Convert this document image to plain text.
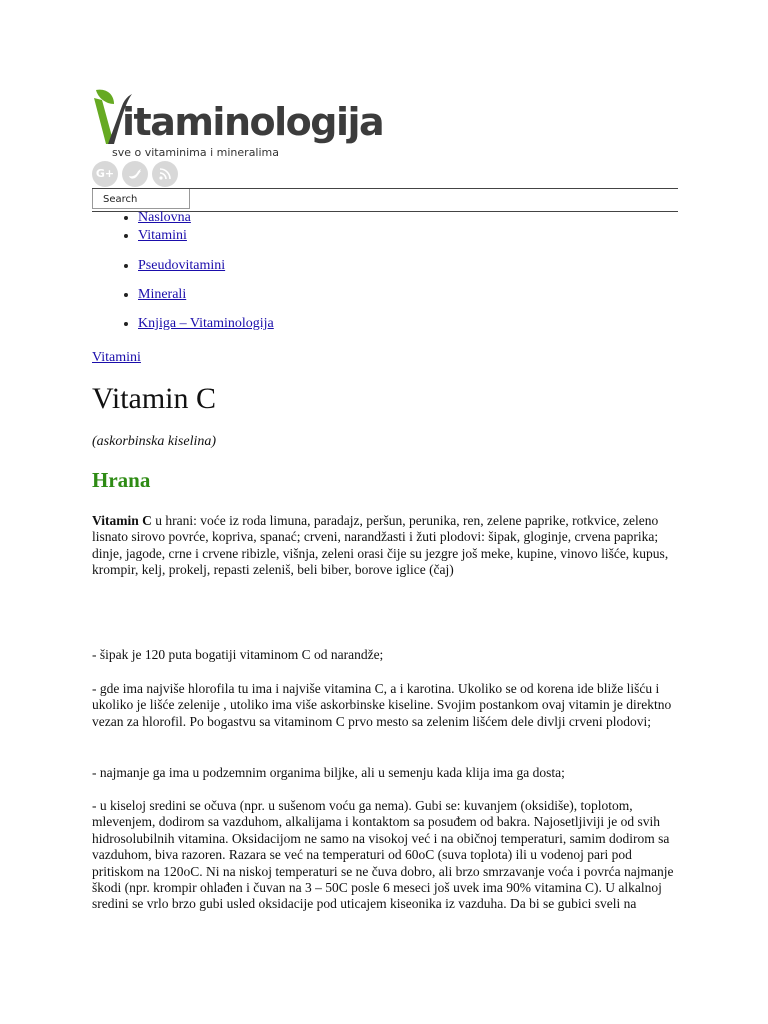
itaminologija
sve o vitaminima i mineralima
G+
Search
• Naslovna
• Vitamini
• Pseudovitamini
• Minerali
• Knjiga – Vitaminologija
Vitamini
Vitamin C
(askorbinska kiselina)
Hrana

Vitamin C u hrani: voće iz roda limuna, paradajz, peršun, perunika, ren, zelene paprike, rotkvice, zeleno lisnato sirovo povrće, kopriva, spanać; crveni, narandžasti i žuti plodovi: šipak, gloginje, crvena paprika; dinje, jagode, crne i crvene ribizle, višnja, zeleni orasi čije su jezgre još meke, kupine, vinovo lišće, kupus, krompir, kelj, prokelj, repasti zeleniš, beli biber, borove iglice (čaj)

- šipak je 120 puta bogatiji vitaminom C od narandže;

- gde ima najviše hlorofila tu ima i najviše vitamina C, a i karotina. Ukoliko se od korena ide bliže lišću i ukoliko je lišće zelenije , utoliko ima više askorbinske kiseline. Svojim postankom ovaj vitamin je direktno vezan za hlorofil. Po bogastvu sa vitaminom C prvo mesto sa zelenim lišćem dele divlji crveni plodovi;

- najmanje ga ima u podzemnim organima biljke, ali u semenju kada klija ima ga dosta;

- u kiseloj sredini se očuva (npr. u sušenom voću ga nema). Gubi se: kuvanjem (oksidiše), toplotom, mlevenjem, dodirom sa vazduhom, alkalijama i kontaktom sa posuđem od bakra. Najosetljiviji je od svih hidrosolubilnih vitamina. Oksidacijom ne samo na visokoj već i na običnoj temperaturi, samim dodirom sa vazduhom, biva razoren. Razara se već na temperaturi od 60oC (suva toplota) ili u vodenoj pari pod pritiskom na 120oC. Ni na niskoj temperaturi se ne čuva dobro, ali brzo smrzavanje voća i povrća najmanje škodi (npr. krompir ohlađen i čuvan na 3 – 50C posle 6 meseci još uvek ima 90% vitamina C). U alkalnoj sredini se vrlo brzo gubi usled oksidacije pod uticajem kiseonika iz vazduha. Da bi se gubici sveli na
